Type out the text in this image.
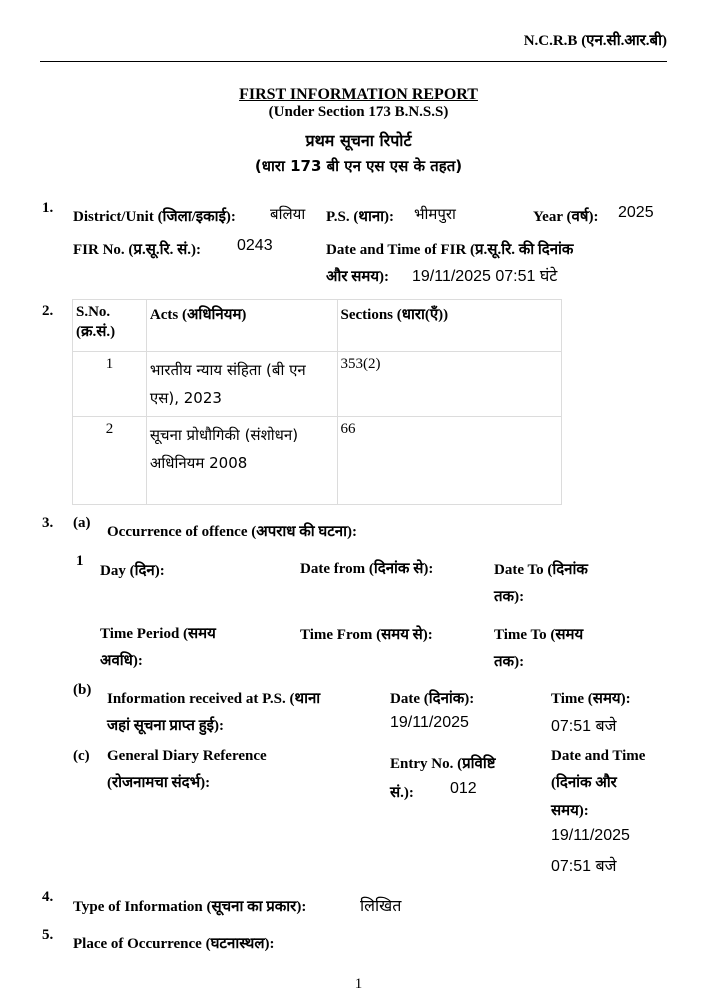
N.C.R.B (एन.सी.आर.बी)
FIRST INFORMATION REPORT
(Under Section 173 B.N.S.S)
प्रथम सूचना रिपोर्ट
(धारा 173 बी एन एस एस के तहत)
1.
District/Unit (जिला/इकाई): बलिया P.S. (थाना): भीमपुरा	Year (वर्ष): 2025
FIR No. (प्र.सू.रि. सं.): 0243	Date and Time of FIR (प्र.सू.रि. की दिनांक
और समय): 19/11/2025 07:51 घंटे
2. S.No. (क्र.सं.)	Acts (अधिनियम)	Sections (धारा(एँ))
1	भारतीय न्याय संहिता (बी एन एस), 2023	353(2)
2	सूचना प्रोधौगिकी (संशोधन) अधिनियम 2008	66
3. (a)
Occurrence of offence (अपराध की घटना):
1
Day (दिन):	Date from (दिनांक से):	Date To (दिनांक
तक):
Time Period (समय
अवधि):
Time From (समय से):	Time To (समय
तक):
(b)
Information received at P.S. (थाना
जहां सूचना प्राप्त हुई):
Date (दिनांक):
19/11/2025
Time (समय):
07:51 बजे
(c) General Diary Reference
(रोजनामचा संदर्भ):
Entry No. (प्रविष्टि
सं.): 012
Date and Time
(दिनांक और
समय):
19/11/2025
07:51 बजे
4.
Type of Information (सूचना का प्रकार):	लिखित
5.
Place of Occurrence (घटनास्थल):
1
